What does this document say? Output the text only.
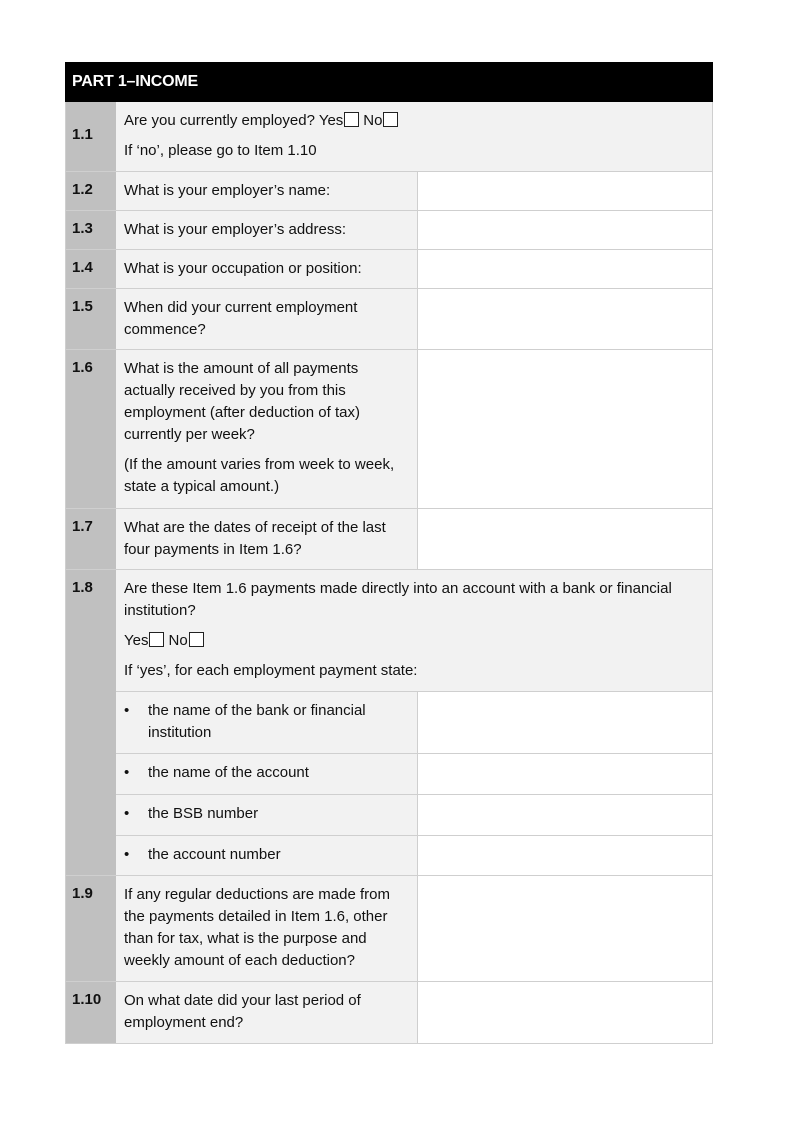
PART 1–INCOME
1.1

Are you currently employed? Yes No

If ‘no’, please go to Item 1.10

1.2	What is your employer’s name:
1.3	What is your employer’s address:
1.4	What is your occupation or position:
1.5	When did your current employment commence?
1.6	What is the amount of all payments actually received by you from this employment (after deduction of tax) currently per week?

(If the amount varies from week to week, state a typical amount.)

1.7	What are the dates of receipt of the last four payments in Item 1.6?
1.8	Are these Item 1.6 payments made directly into an account with a bank or financial institution?

Yes No

If ‘yes’, for each employment payment state:

• the name of the bank or financial institution
• the name of the account
• the BSB number
• the account number
1.9	If any regular deductions are made from the payments detailed in Item 1.6, other than for tax, what is the purpose and weekly amount of each deduction?
1.10	On what date did your last period of employment end?
